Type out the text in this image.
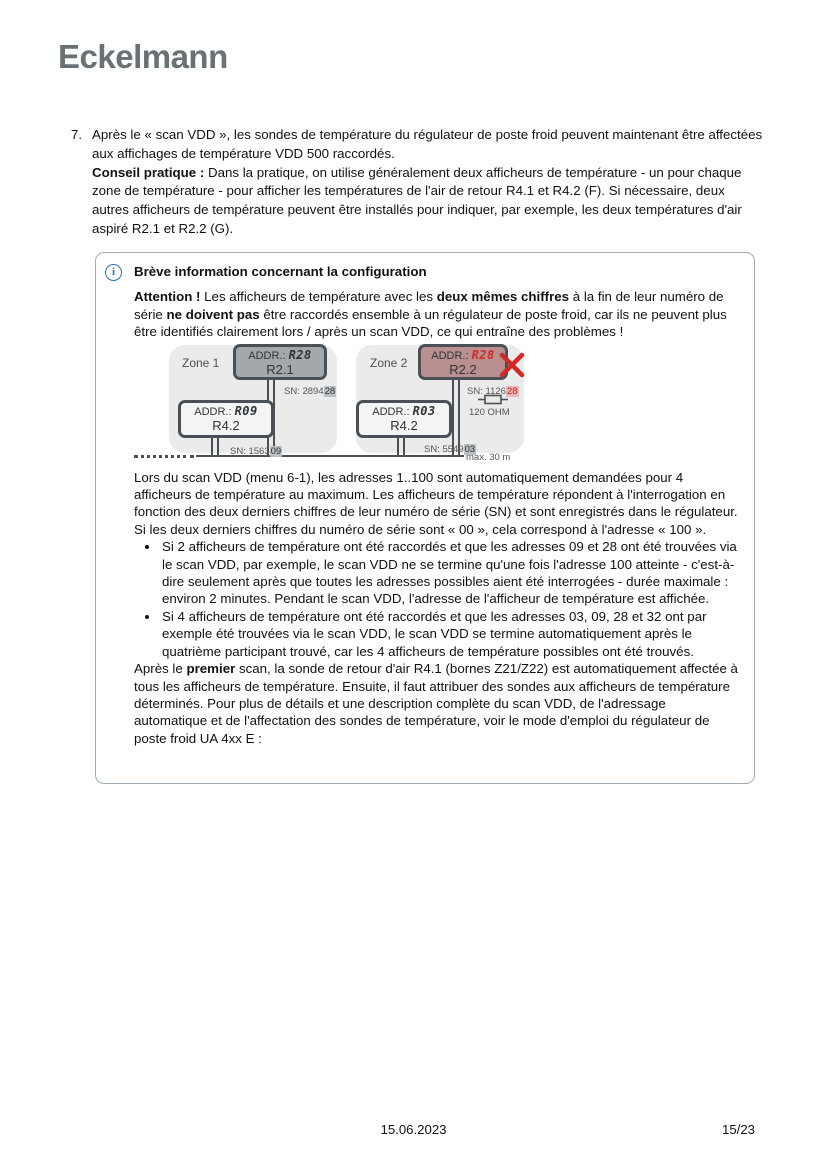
Eckelmann
7. Après le « scan VDD », les sondes de température du régulateur de poste froid peuvent maintenant être affectées aux affichages de température VDD 500 raccordés.
Conseil pratique : Dans la pratique, on utilise généralement deux afficheurs de température - un pour chaque zone de température - pour afficher les températures de l'air de retour R4.1 et R4.2 (F). Si nécessaire, deux autres afficheurs de température peuvent être installés pour indiquer, par exemple, les deux températures d'air aspiré R2.1 et R2.2 (G).
i	Brève information concernant la configuration

Attention ! Les afficheurs de température avec les deux mêmes chiffres à la fin de leur numéro de série ne doivent pas être raccordés ensemble à un régulateur de poste froid, car ils ne peuvent plus être identifiés clairement lors / après un scan VDD, ce qui entraîne des problèmes !

Zone 1	Zone 2
ADDR.: R28
R2.1
ADDR.: R09
R4.2
ADDR.: R28
R2.2
ADDR.: R03
R4.2
SN: 289428
SN: 156309
SN: 112628
SN: 554903
120 OHM
max. 30 m

Lors du scan VDD (menu 6-1), les adresses 1..100 sont automatiquement demandées pour 4 afficheurs de température au maximum. Les afficheurs de température répondent à l'interrogation en fonction des deux derniers chiffres de leur numéro de série (SN) et sont enregistrés dans le régulateur. Si les deux derniers chiffres du numéro de série sont « 00 », cela correspond à l'adresse « 100 ».

• Si 2 afficheurs de température ont été raccordés et que les adresses 09 et 28 ont été trouvées via le scan VDD, par exemple, le scan VDD ne se termine qu'une fois l'adresse 100 atteinte - c'est-à-dire seulement après que toutes les adresses possibles aient été interrogées - durée maximale : environ 2 minutes. Pendant le scan VDD, l'adresse de l'afficheur de température est affichée.
• Si 4 afficheurs de température ont été raccordés et que les adresses 03, 09, 28 et 32 ont par exemple été trouvées via le scan VDD, le scan VDD se termine automatiquement après le quatrième participant trouvé, car les 4 afficheurs de température possibles ont été trouvés.

Après le premier scan, la sonde de retour d'air R4.1 (bornes Z21/Z22) est automatiquement affectée à tous les afficheurs de température. Ensuite, il faut attribuer des sondes aux afficheurs de température déterminés. Pour plus de détails et une description complète du scan VDD, de l'adressage automatique et de l'affectation des sondes de température, voir le mode d'emploi du régulateur de poste froid UA 4xx E :

15.06.2023	15/23
